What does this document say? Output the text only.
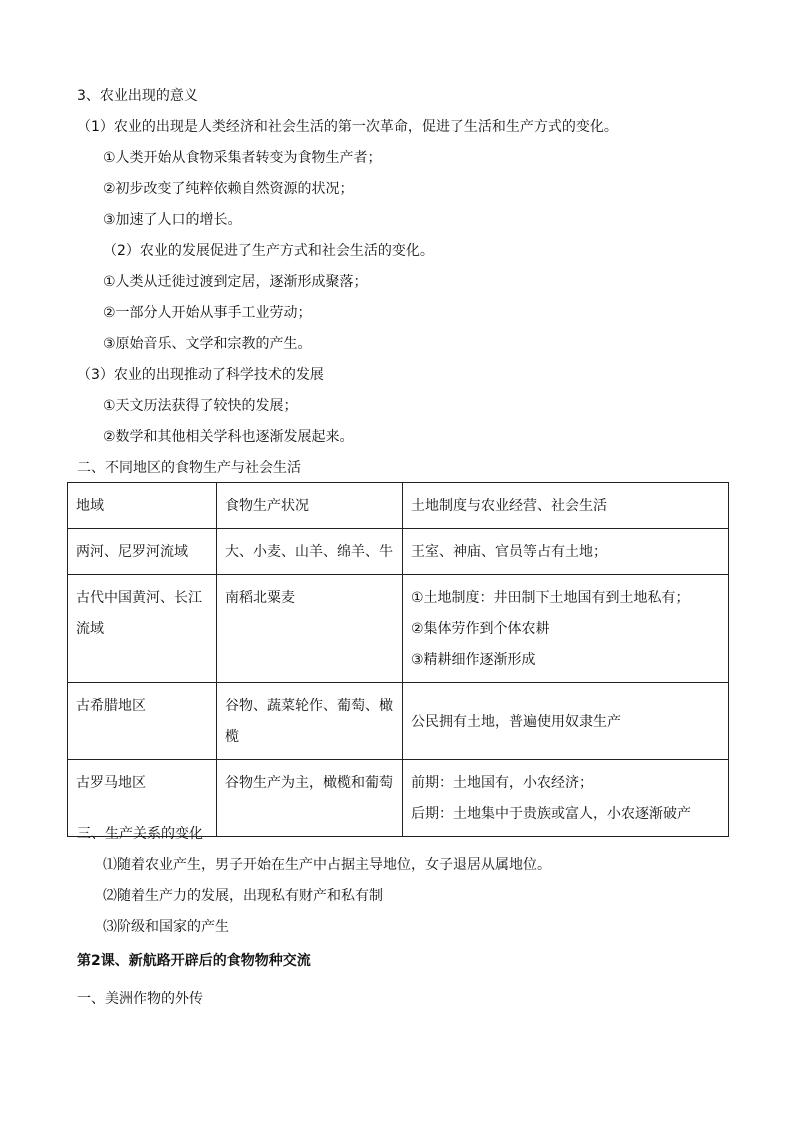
3、农业出现的意义
（1）农业的出现是人类经济和社会生活的第一次革命，促进了生活和生产方式的变化。
①人类开始从食物采集者转变为食物生产者；
②初步改变了纯粹依赖自然资源的状况；
③加速了人口的增长。
（2）农业的发展促进了生产方式和社会生活的变化。
①人类从迁徙过渡到定居，逐渐形成聚落；
②一部分人开始从事手工业劳动；
③原始音乐、文学和宗教的产生。
（3）农业的出现推动了科学技术的发展
①天文历法获得了较快的发展；
②数学和其他相关学科也逐渐发展起来。
二、不同地区的食物生产与社会生活
地域	食物生产状况	土地制度与农业经营、社会生活
两河、尼罗河流域	大、小麦、山羊、绵羊、牛	王室、神庙、官员等占有土地；

古代中国黄河、长江流域	南稻北粟麦	①土地制度：井田制下土地国有到土地私有；
②集体劳作到个体农耕
③精耕细作逐渐形成

古希腊地区	谷物、蔬菜轮作、葡萄、橄榄	公民拥有土地，普遍使用奴隶生产

古罗马地区	谷物生产为主，橄榄和葡萄	前期：土地国有，小农经济；
后期：土地集中于贵族或富人，小农逐渐破产
三、生产关系的变化
⑴随着农业产生，男子开始在生产中占据主导地位，女子退居从属地位。
⑵随着生产力的发展，出现私有财产和私有制
⑶阶级和国家的产生
第2课、新航路开辟后的食物物种交流
一、美洲作物的外传
